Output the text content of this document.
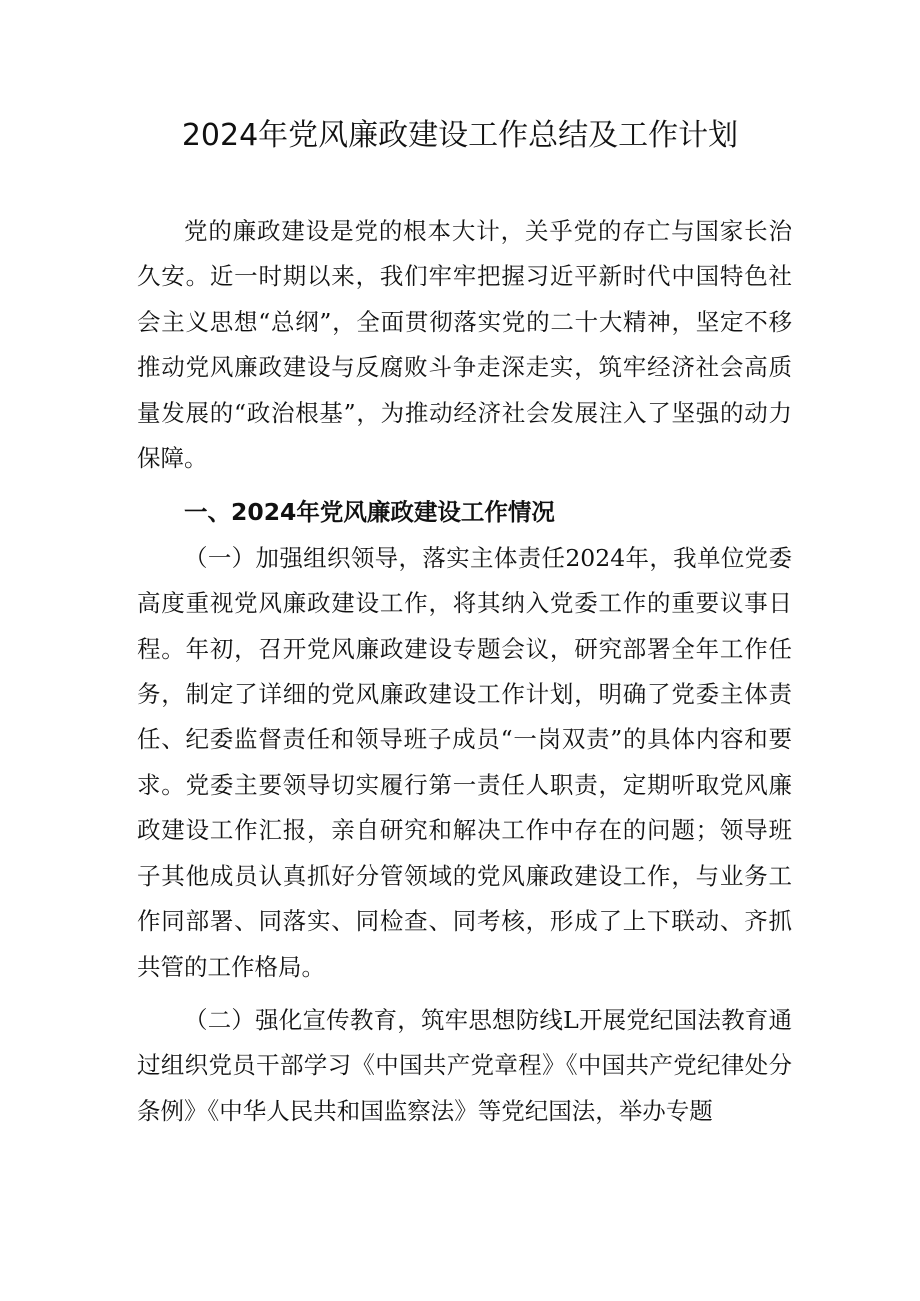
2024年党风廉政建设工作总结及工作计划

党的廉政建设是党的根本大计，关乎党的存亡与国家长治久安。近一时期以来，我们牢牢把握习近平新时代中国特色社会主义思想“总纲”，全面贯彻落实党的二十大精神，坚定不移推动党风廉政建设与反腐败斗争走深走实，筑牢经济社会高质量发展的“政治根基”，为推动经济社会发展注入了坚强的动力保障。

一、2024年党风廉政建设工作情况

（一）加强组织领导，落实主体责任2024年，我单位党委高度重视党风廉政建设工作，将其纳入党委工作的重要议事日程。年初，召开党风廉政建设专题会议，研究部署全年工作任务，制定了详细的党风廉政建设工作计划，明确了党委主体责任、纪委监督责任和领导班子成员“一岗双责”的具体内容和要求。党委主要领导切实履行第一责任人职责，定期听取党风廉政建设工作汇报，亲自研究和解决工作中存在的问题；领导班子其他成员认真抓好分管领域的党风廉政建设工作，与业务工作同部署、同落实、同检查、同考核，形成了上下联动、齐抓共管的工作格局。

（二）强化宣传教育，筑牢思想防线L开展党纪国法教育通过组织党员干部学习《中国共产党章程》《中国共产党纪律处分条例》《中华人民共和国监察法》等党纪国法，举办专题
